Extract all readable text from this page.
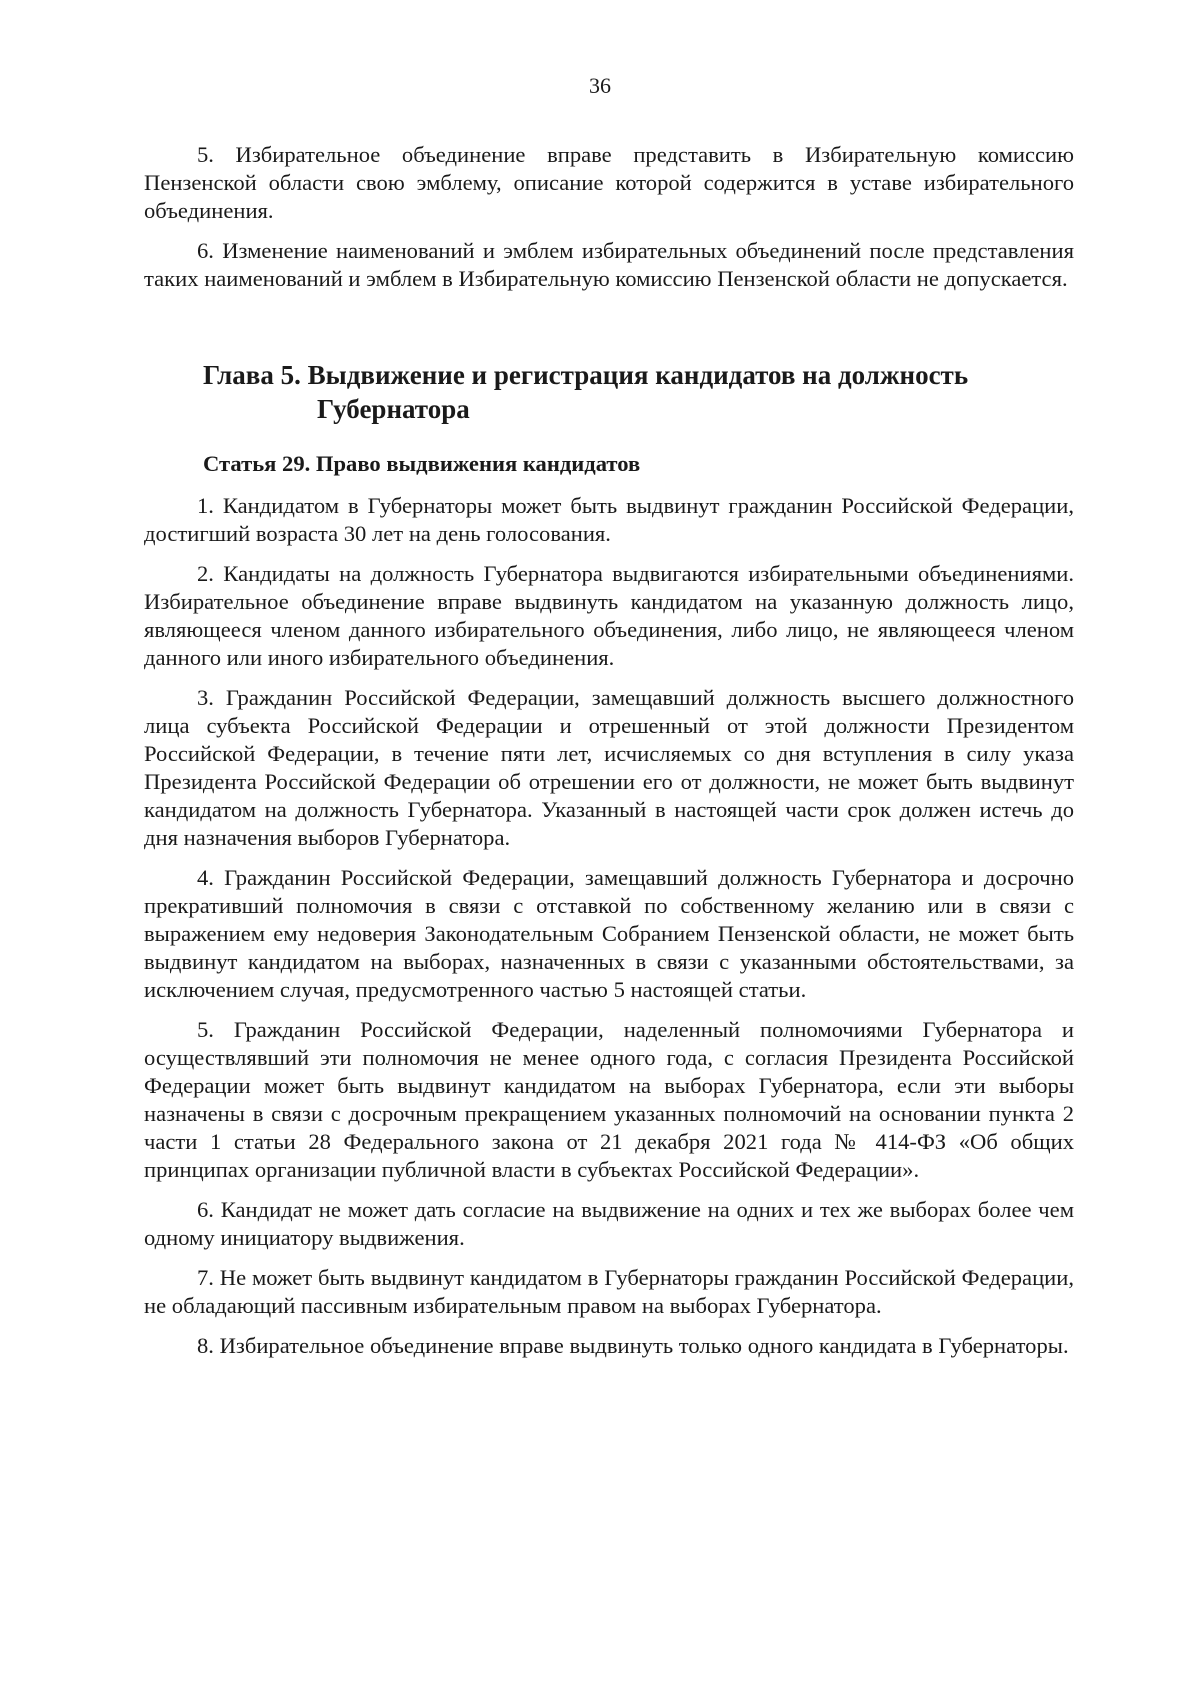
36

5. Избирательное объединение вправе представить в Избирательную комиссию Пензенской области свою эмблему, описание которой содержится в уставе избирательного объединения.

6. Изменение наименований и эмблем избирательных объединений после представления таких наименований и эмблем в Избирательную комиссию Пензенской области не допускается.

Глава 5. Выдвижение и регистрация кандидатов на должность
Губернатора
Статья 29. Право выдвижения кандидатов

1. Кандидатом в Губернаторы может быть выдвинут гражданин Российской Федерации, достигший возраста 30 лет на день голосования.

2. Кандидаты на должность Губернатора выдвигаются избирательными объединениями. Избирательное объединение вправе выдвинуть кандидатом на указанную должность лицо, являющееся членом данного избирательного объединения, либо лицо, не являющееся членом данного или иного избирательного объединения.

3. Гражданин Российской Федерации, замещавший должность высшего должностного лица субъекта Российской Федерации и отрешенный от этой должности Президентом Российской Федерации, в течение пяти лет, исчисляемых со дня вступления в силу указа Президента Российской Федерации об отрешении его от должности, не может быть выдвинут кандидатом на должность Губернатора. Указанный в настоящей части срок должен истечь до дня назначения выборов Губернатора.

4. Гражданин Российской Федерации, замещавший должность Губернатора и досрочно прекративший полномочия в связи с отставкой по собственному желанию или в связи с выражением ему недоверия Законодательным Собранием Пензенской области, не может быть выдвинут кандидатом на выборах, назначенных в связи с указанными обстоятельствами, за исключением случая, предусмотренного частью 5 настоящей статьи.

5. Гражданин Российской Федерации, наделенный полномочиями Губернатора и осуществлявший эти полномочия не менее одного года, с согласия Президента Российской Федерации может быть выдвинут кандидатом на выборах Губернатора, если эти выборы назначены в связи с досрочным прекращением указанных полномочий на основании пункта 2 части 1 статьи 28 Федерального закона от 21 декабря 2021 года № 414-ФЗ «Об общих принципах организации публичной власти в субъектах Российской Федерации».

6. Кандидат не может дать согласие на выдвижение на одних и тех же выборах более чем одному инициатору выдвижения.

7. Не может быть выдвинут кандидатом в Губернаторы гражданин Российской Федерации, не обладающий пассивным избирательным правом на выборах Губернатора.

8. Избирательное объединение вправе выдвинуть только одного кандидата в Губернаторы.
